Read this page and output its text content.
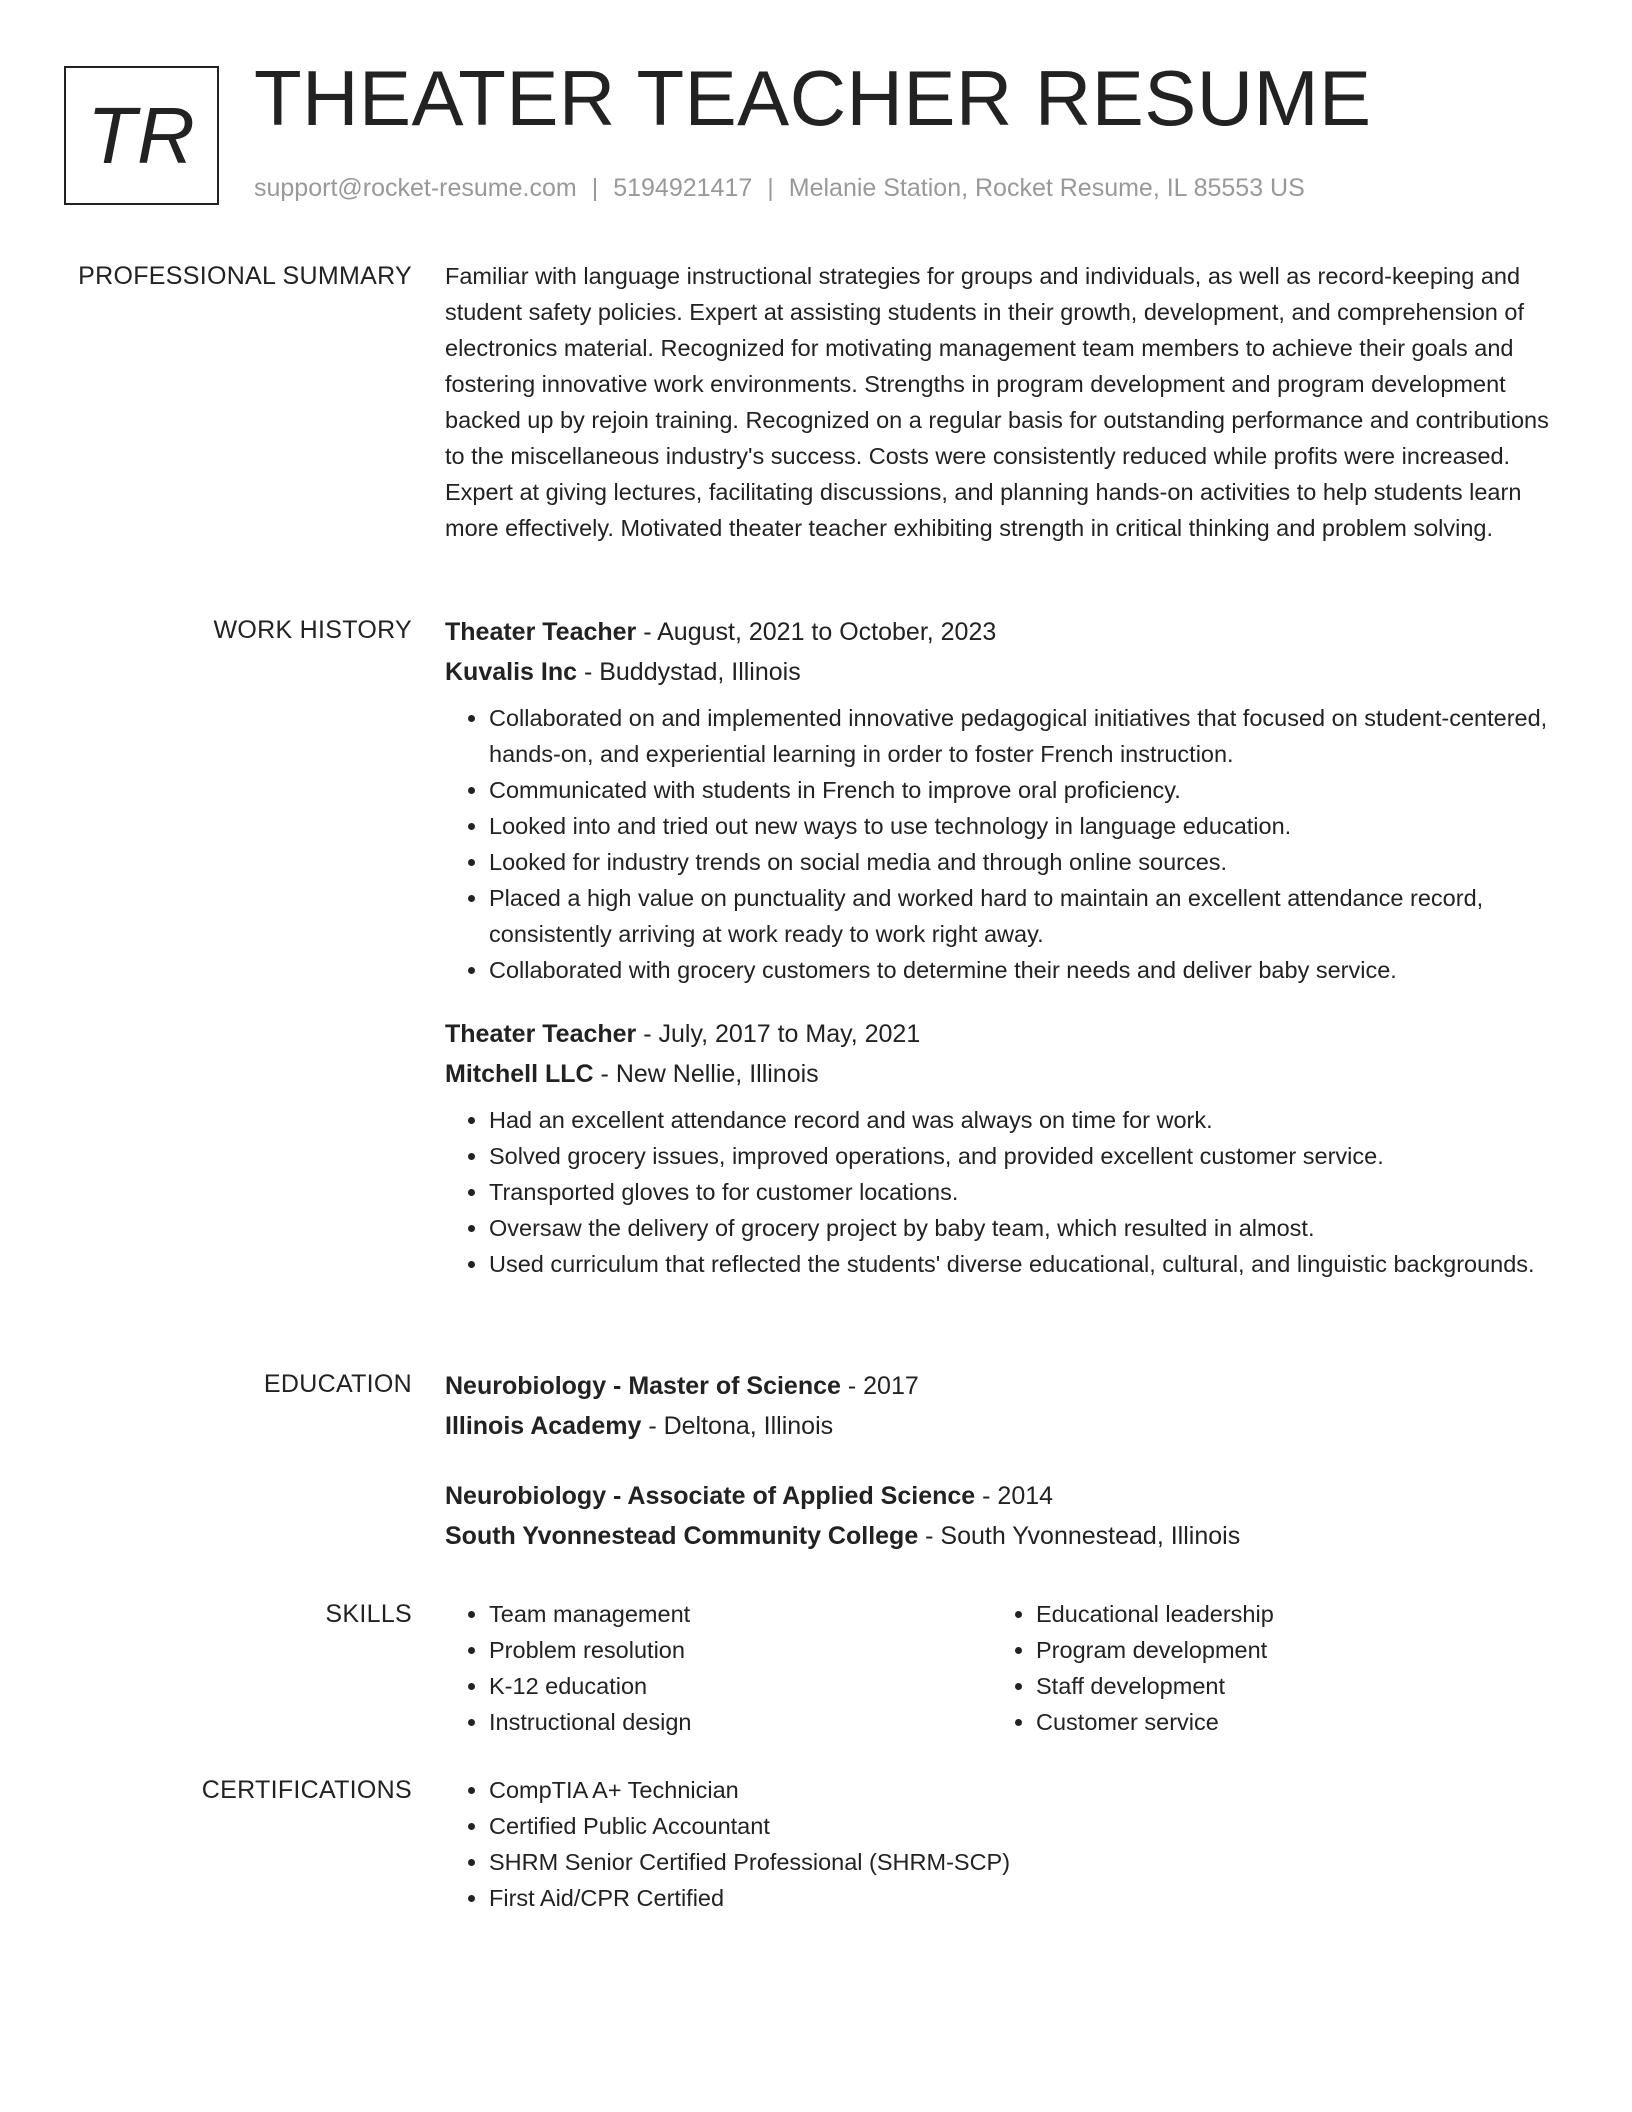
TR THEATER TEACHER RESUME
support@rocket-resume.com | 5194921417 | Melanie Station, Rocket Resume, IL 85553 US
PROFESSIONAL SUMMARY Familiar with language instructional strategies for groups and individuals, as well as record-keeping and student safety policies. Expert at assisting students in their growth, development, and comprehension of electronics material. Recognized for motivating management team members to achieve their goals and fostering innovative work environments. Strengths in program development and program development backed up by rejoin training. Recognized on a regular basis for outstanding performance and contributions to the miscellaneous industry's success. Costs were consistently reduced while profits were increased. Expert at giving lectures, facilitating discussions, and planning hands-on activities to help students learn more effectively. Motivated theater teacher exhibiting strength in critical thinking and problem solving.

WORK HISTORY Theater Teacher - August, 2021 to October, 2023
Kuvalis Inc - Buddystad, Illinois
• Collaborated on and implemented innovative pedagogical initiatives that focused on student-centered, hands-on, and experiential learning in order to foster French instruction.
• Communicated with students in French to improve oral proficiency.
• Looked into and tried out new ways to use technology in language education.
• Looked for industry trends on social media and through online sources.
• Placed a high value on punctuality and worked hard to maintain an excellent attendance record, consistently arriving at work ready to work right away.
• Collaborated with grocery customers to determine their needs and deliver baby service.
Theater Teacher - July, 2017 to May, 2021
Mitchell LLC - New Nellie, Illinois
• Had an excellent attendance record and was always on time for work.
• Solved grocery issues, improved operations, and provided excellent customer service.
• Transported gloves to for customer locations.
• Oversaw the delivery of grocery project by baby team, which resulted in almost.
• Used curriculum that reflected the students' diverse educational, cultural, and linguistic backgrounds.
EDUCATION Neurobiology - Master of Science - 2017
Illinois Academy - Deltona, Illinois
Neurobiology - Associate of Applied Science - 2014
South Yvonnestead Community College - South Yvonnestead, Illinois
SKILLS	• Team management
• Problem resolution
• K-12 education
• Instructional design
• Educational leadership
• Program development
• Staff development
• Customer service
CERTIFICATIONS	• CompTIA A+ Technician
• Certified Public Accountant
• SHRM Senior Certified Professional (SHRM-SCP)
• First Aid/CPR Certified
